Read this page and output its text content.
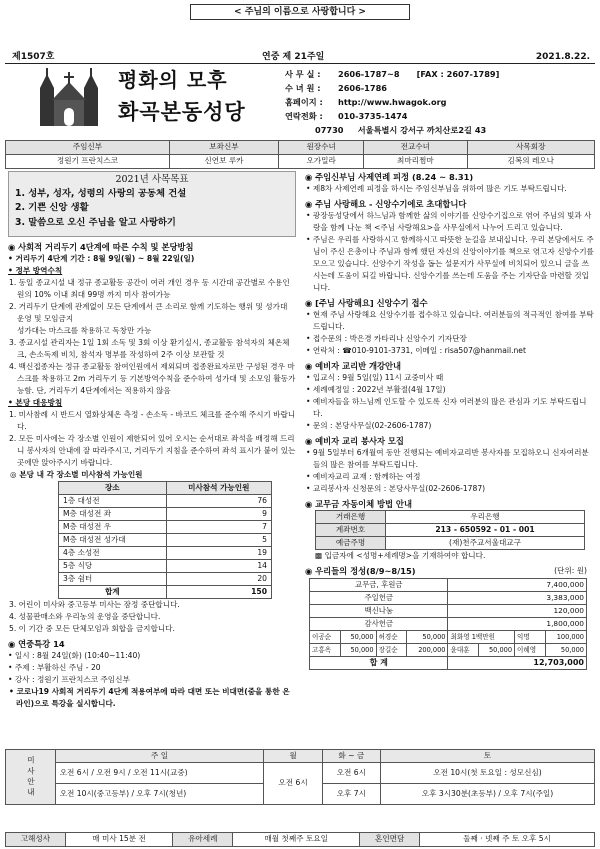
< 주님의 이름으로 사랑합니다 >
제1507호	연중 제 21주일	2021.8.22.
평화의 모후
화곡본동성당
사 무 실 : 2606-1787~8 [FAX : 2607-1789]
수 녀 원 : 2606-1786
홈페이지 : http://www.hwagok.org
연락전화 : 010-3735-1474
07730 서울특별시 강서구 까치산로2길 43
주임신부	보좌신부	원장수녀	전교수녀	사목회장
정원기 프란치스코	신연보 루카	오가밀라	최마리쩜마	김복의 레오나
2021년 사목목표
1. 성부, 성자, 성령의 사랑의 공동체 건설
2. 기쁜 신앙 생활
3. 말씀으로 오신 주님을 알고 사랑하기
◉ 사회적 거리두기 4단계에 따른 수칙 및 본당방침
• 거리두기 4단계 기간 : 8월 9일(월) ~ 8월 22일(일)
• 정부 방역수칙
1. 동일 종교시설 내 정규 종교활동 공간이 여러 개인 경우 동 시간대 공간별로 수용인원의 10% 이내 최대 99명 까지 미사 참여가능
2. 거리두기 단계에 관계없이 모든 단계에서 큰 소리로 함께 기도하는 행위 및 성가대 운영 및 모임금지
성가대는 마스크를 착용하고 독창만 가능
3. 종교시설 관리자는 1일 1회 소독 및 3회 이상 환기실시, 종교활동 참석자의 체온체크, 손소독제 비치, 참석자 명부를 작성하여 2주 이상 보관할 것
4. 백신접종자는 정규 종교활동 참여인원에서 제외되며 접종완료자로만 구성된 경우 마스크를 착용하고 2m 거리두기 등 기본방역수칙을 준수하여 성가대 및 소모임 활동가능함. 단, 거리두기 4단계에서는 적용하지 않음
• 본당 대응방침
1. 미사참례 시 반드시 열화상체온 측정 - 손소독 - 바코드 체크를 준수해 주시기 바랍니다.
2. 모든 미사에는 각 장소별 인원이 제한되어 있어 오시는 순서대로 좌석을 배정해 드리니 봉사자의 안내에 잘 따라주시고, 거리두기 지침을 준수하여 좌석 표시가 붙어 있는 곳에만 앉아주시기 바랍니다.
◎ 본당 내 각 장소별 미사참석 가능인원
장소	미사참석 가능인원
1층 대성전	76
M층 대성전 좌	9
M층 대성전 우	7
M층 대성전 성가대	5
4층 소성전	19
5층 식당	14
3층 쉼터	20
합계	150
3. 어린이 미사와 중고등부 미사는 잠정 중단합니다.
4. 성물판매소와 우리농의 운영을 중단합니다.
5. 이 기간 중 모든 단체모임과 회합을 금지합니다.
◉ 연중특강 14
• 일시 : 8월 24일(화) (10:40~11:40)
• 주제 : 부활하신 주님 - 20
• 강사 : 정원기 프란치스코 주임신부
• 코로나19 사회적 거리두기 4단계 적용여부에 따라 대면 또는 비대면(줌을 통한 온라인)으로 특강을 실시합니다.
◉ 주임신부님 사제연례 피정 (8.24 ~ 8.31)
• 제8차 사제연례 피정을 하시는 주임신부님을 위하여 많은 기도 부탁드립니다.
◉ 주님 사랑해요 - 신앙수기에로 초대합니다
• 광장동성당에서 하느님과 함께한 삶의 이야기를 신앙수기집으로 엮어 주님의 빛과 사랑을 함께 나눈 책 <주님 사랑해요>을 사무실에서 나누어 드리고 있습니다.
• 주님은 우리를 사랑하시고 함께하시고 따뜻한 눈길을 보내십니다. 우리 본당에서도 주님이 주신 은총이나 주님과 함께 했던 자신의 신앙이야기를 책으로 엮고자 신앙수기를 모으고 있습니다. 신앙수기 작성을 돕는 설문지가 사무실에 비치되어 있으니 글을 쓰시는데 도움이 되길 바랍니다. 신앙수기를 쓰는데 도움을 주는 기자단을 마련할 것입니다.
◉ [주님 사랑해요] 신앙수기 접수
• 현재 주님 사랑해요 신앙수기를 접수하고 있습니다. 여러분들의 적극적인 참여를 부탁드립니다.
• 접수문의 : 박은경 카타리나 신앙수기 기자단장
• 연락처 : ☎010-9101-3731, 이메일 : risa507@hanmail.net
◉ 예비자 교리반 개강안내
• 입교식 : 9월 5일(일) 11시 교중미사 때
• 세례예정일 : 2022년 부활절(4월 17일)
• 예비자들을 하느님께 인도할 수 있도록 신자 여러분의 많은 관심과 기도 부탁드립니다.
• 문의 : 본당사무실(02-2606-1787)
◉ 예비자 교리 봉사자 모집
• 9월 5일부터 6개월여 동안 진행되는 예비자교리반 봉사자를 모집하오니 신자여러분들의 많은 참여를 부탁드립니다.
• 예비자교리 교재 : 함께하는 여정
• 교리봉사자 신청문의 : 본당사무실(02-2606-1787)
◉ 교무금 자동이체 방법 안내
거래은행	우리은행
계좌번호	213 - 650592 - 01 - 001
예금주명	(재)천주교서울대교구
▩ 입금자에 <성명+세례명>을 기재하여야 합니다.
◉ 우리들의 정성(8/9~8/15)	(단위: 원)
교무금, 후원금				7,400,000			
주일헌금				3,383,000			
백신나눔				120,000			
감사헌금				1,800,000			
이공순	50,000	허경순	50,000	최화영 1백만원		익명	100,000
고홍옥	50,000	장길순	200,000	윤대훈	50,000	이혜영	50,000
합 계				12,703,000			
미사안내	주 일	월	화 ~ 금	토
	오전 6시 / 오전 9시 / 오전 11시(교중)	오전 6시	오전 6시	오전 10시(첫 토요일 : 성모신심)
	오전 10시(중고등부) / 오후 7시(청년)		오후 7시	오후 3시30분(초등부) / 오후 7시(주일)
고해성사	매 미사 15분 전	유아세례	매월 첫째주 토요일	혼인면담	둘째 · 넷째 주 토 오후 5시
